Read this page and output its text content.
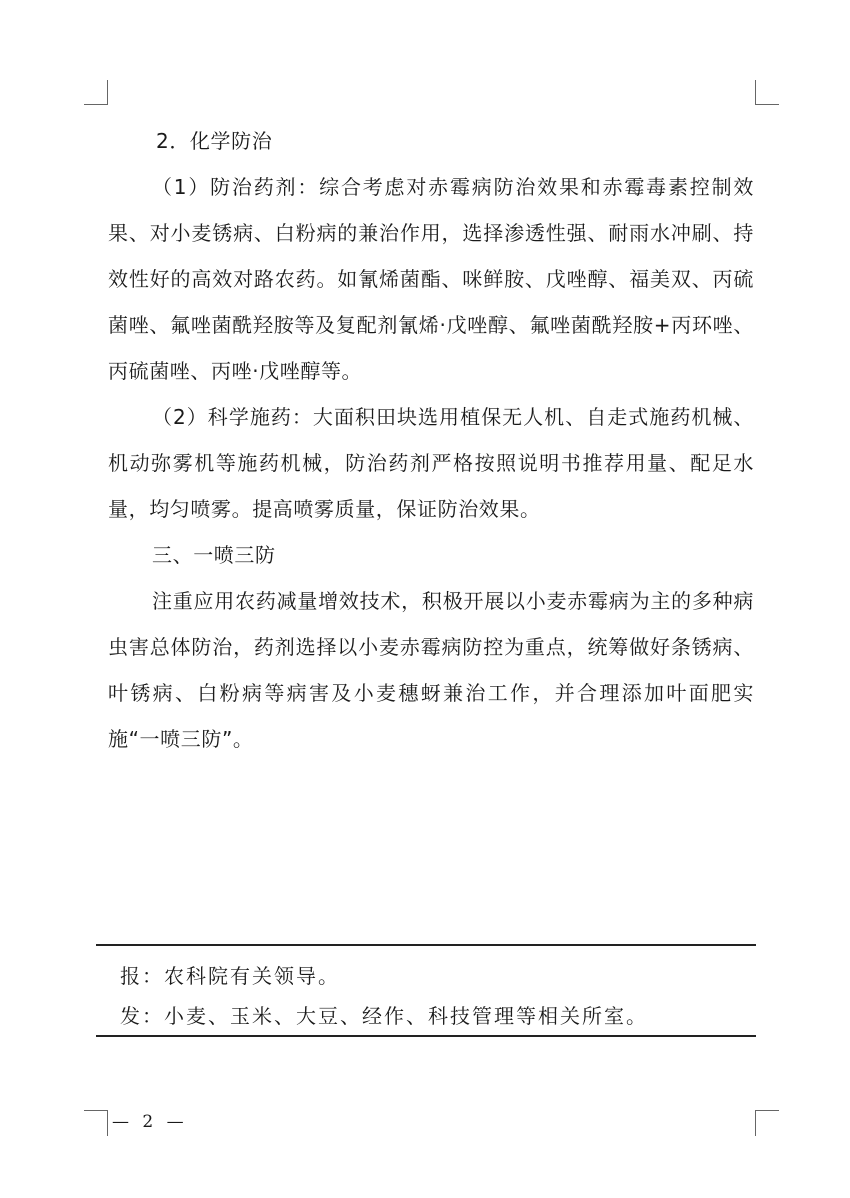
2．化学防治

（1）防治药剂：综合考虑对赤霉病防治效果和赤霉毒素控制效果、对小麦锈病、白粉病的兼治作用，选择渗透性强、耐雨水冲刷、持效性好的高效对路农药。如氰烯菌酯、咪鲜胺、戊唑醇、福美双、丙硫菌唑、氟唑菌酰羟胺等及复配剂氰烯·戊唑醇、氟唑菌酰羟胺+丙环唑、丙硫菌唑、丙唑·戊唑醇等。

（2）科学施药：大面积田块选用植保无人机、自走式施药机械、机动弥雾机等施药机械，防治药剂严格按照说明书推荐用量、配足水量，均匀喷雾。提高喷雾质量，保证防治效果。

三、一喷三防

注重应用农药减量增效技术，积极开展以小麦赤霉病为主的多种病虫害总体防治，药剂选择以小麦赤霉病防控为重点，统筹做好条锈病、叶锈病、白粉病等病害及小麦穗蚜兼治工作，并合理添加叶面肥实施“一喷三防”。

报：农科院有关领导。
发：小麦、玉米、大豆、经作、科技管理等相关所室。
— 2 —
